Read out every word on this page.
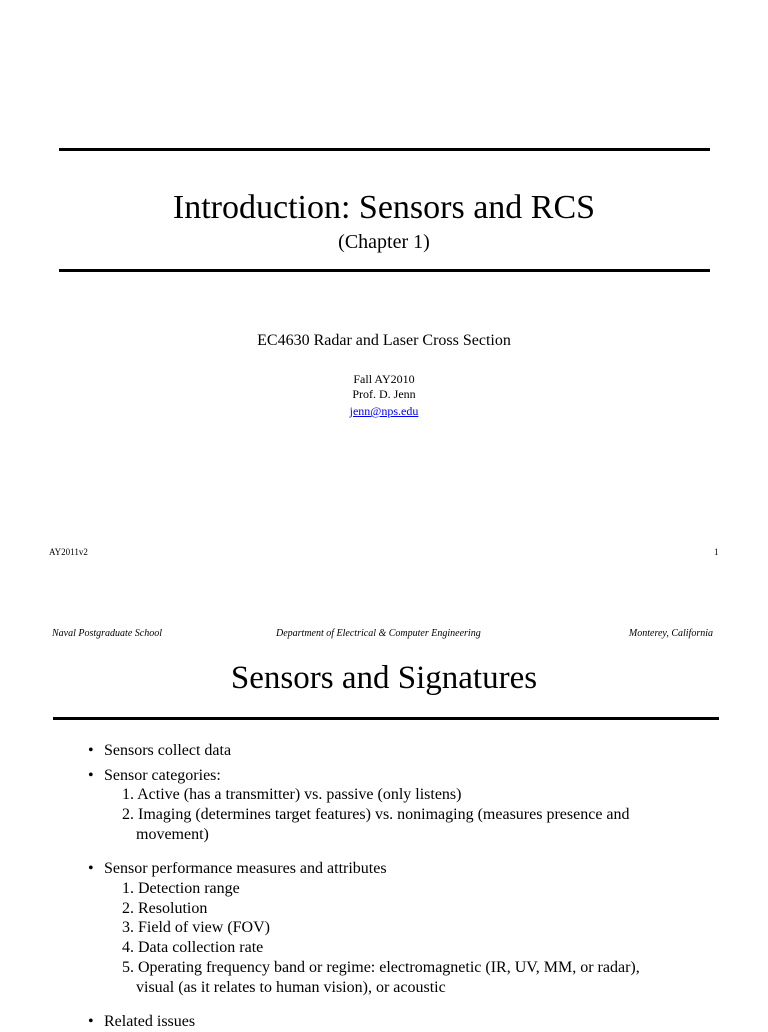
Introduction: Sensors and RCS
(Chapter 1)
EC4630 Radar and Laser Cross Section
Fall AY2010
Prof. D. Jenn
jenn@nps.edu
AY2011v2	1
Naval Postgraduate School	Department of Electrical & Computer Engineering	Monterey, California
Sensors and Signatures
• Sensors collect data
• Sensor categories:
1. Active (has a transmitter) vs. passive (only listens)
2. Imaging (determines target features) vs. nonimaging (measures presence and
movement)
• Sensor performance measures and attributes
1. Detection range
2. Resolution
3. Field of view (FOV)
4. Data collection rate
5. Operating frequency band or regime: electromagnetic (IR, UV, MM, or radar),
visual (as it relates to human vision), or acoustic
• Related issues
